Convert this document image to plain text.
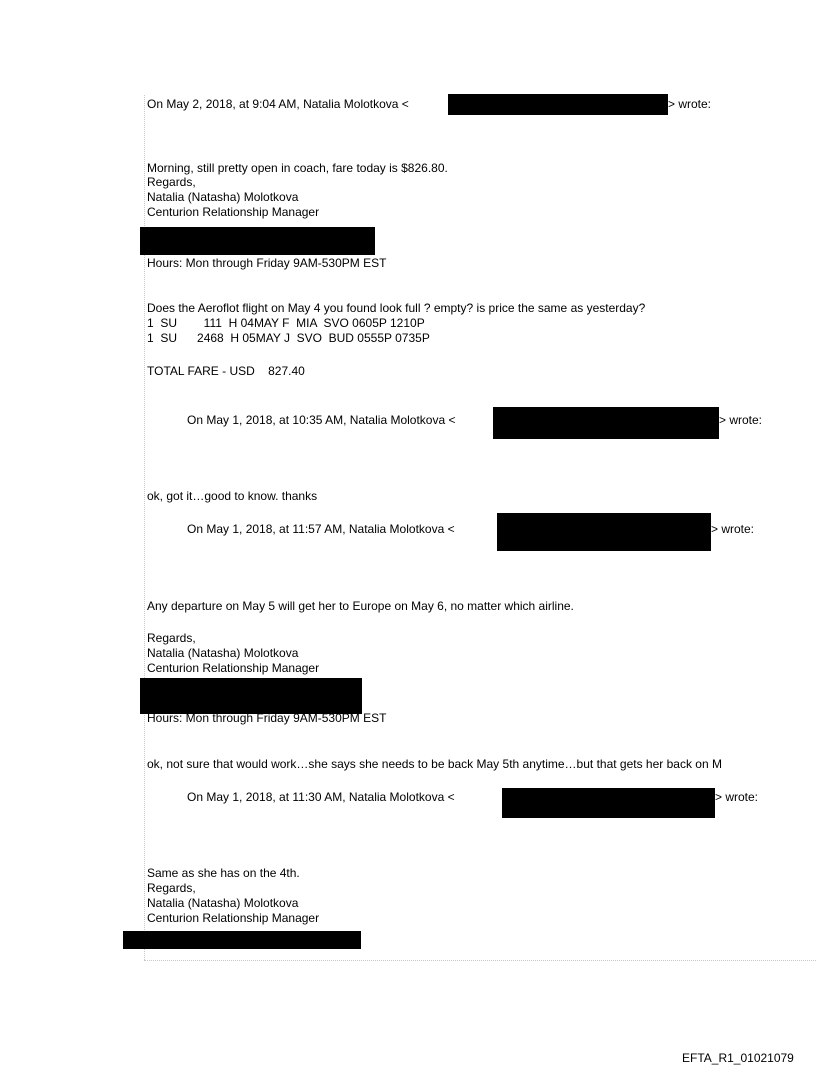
On May 2, 2018, at 9:04 AM, Natalia Molotkova <	> wrote:
Morning, still pretty open in coach, fare today is $826.80.
Regards,
Natalia (Natasha) Molotkova
Centurion Relationship Manager
Hours: Mon through Friday 9AM-530PM EST
Does the Aeroflot flight on May 4 you found look full ? empty? is price the same as yesterday?
1  SU        111  H 04MAY F  MIA  SVO 0605P 1210P
1  SU      2468  H 05MAY J  SVO  BUD 0555P 0735P
TOTAL FARE - USD    827.40
On May 1, 2018, at 10:35 AM, Natalia Molotkova <	> wrote:
ok, got it…good to know. thanks
On May 1, 2018, at 11:57 AM, Natalia Molotkova <	> wrote:
Any departure on May 5 will get her to Europe on May 6, no matter which airline.
Regards,
Natalia (Natasha) Molotkova
Centurion Relationship Manager
Hours: Mon through Friday 9AM-530PM EST
ok, not sure that would work…she says she needs to be back May 5th anytime…but that gets her back on M
On May 1, 2018, at 11:30 AM, Natalia Molotkova <	> wrote:
Same as she has on the 4th.
Regards,
Natalia (Natasha) Molotkova
Centurion Relationship Manager
EFTA_R1_01021079
